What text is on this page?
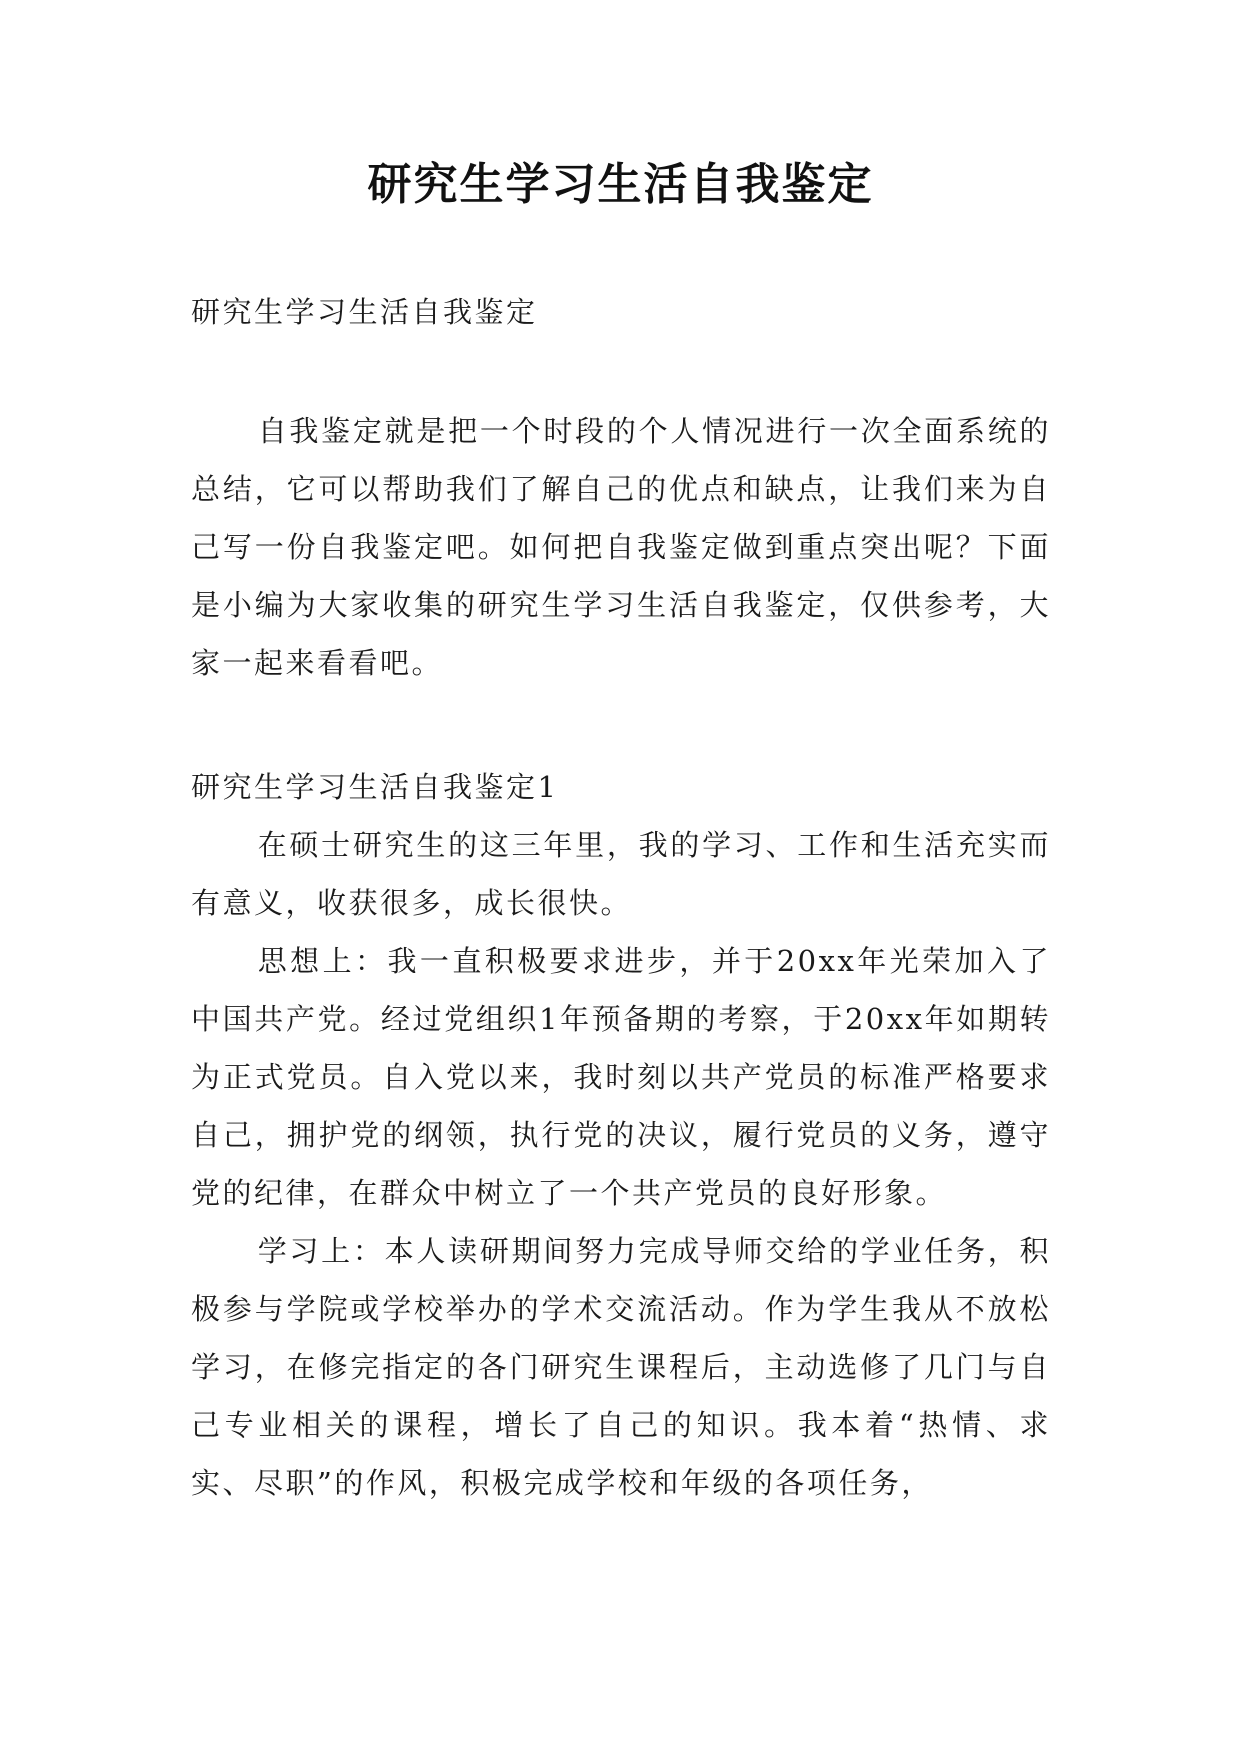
研究生学习生活自我鉴定

研究生学习生活自我鉴定

自我鉴定就是把一个时段的个人情况进行一次全面系统的总结，它可以帮助我们了解自己的优点和缺点，让我们来为自己写一份自我鉴定吧。如何把自我鉴定做到重点突出呢？下面是小编为大家收集的研究生学习生活自我鉴定，仅供参考，大家一起来看看吧。

研究生学习生活自我鉴定1

在硕士研究生的这三年里，我的学习、工作和生活充实而有意义，收获很多，成长很快。

思想上：我一直积极要求进步，并于20xx年光荣加入了中国共产党。经过党组织1年预备期的考察，于20xx年如期转为正式党员。自入党以来，我时刻以共产党员的标准严格要求自己，拥护党的纲领，执行党的决议，履行党员的义务，遵守党的纪律，在群众中树立了一个共产党员的良好形象。

学习上：本人读研期间努力完成导师交给的学业任务，积极参与学院或学校举办的学术交流活动。作为学生我从不放松学习，在修完指定的各门研究生课程后，主动选修了几门与自己专业相关的课程，增长了自己的知识。我本着“热情、求实、尽职”的作风，积极完成学校和年级的各项任务，
